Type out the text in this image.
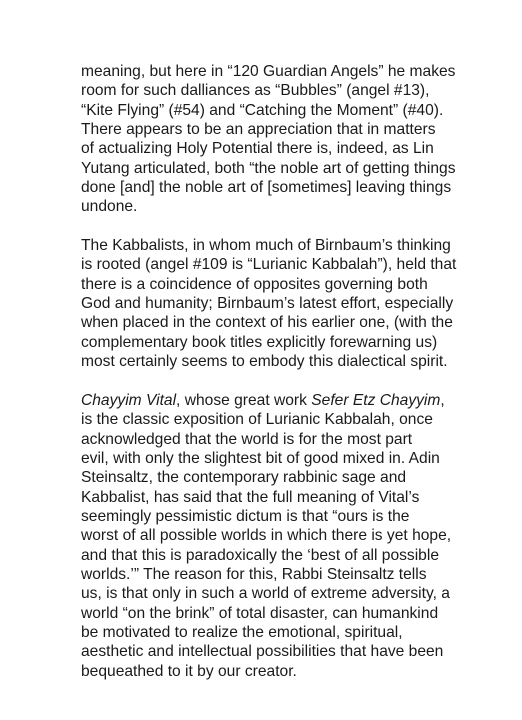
meaning, but here in “120 Guardian Angels” he makes
room for such dalliances as “Bubbles” (angel #13),
“Kite Flying” (#54) and “Catching the Moment” (#40).
There appears to be an appreciation that in matters
of actualizing Holy Potential there is, indeed, as Lin
Yutang articulated, both “the noble art of getting things
done [and] the noble art of [sometimes] leaving things
undone.

The Kabbalists, in whom much of Birnbaum’s thinking
is rooted (angel #109 is “Lurianic Kabbalah”), held that
there is a coincidence of opposites governing both
God and humanity; Birnbaum’s latest effort, especially
when placed in the context of his earlier one, (with the
complementary book titles explicitly forewarning us)
most certainly seems to embody this dialectical spirit.

Chayyim Vital, whose great work Sefer Etz Chayyim,
is the classic exposition of Lurianic Kabbalah, once
acknowledged that the world is for the most part
evil, with only the slightest bit of good mixed in. Adin
Steinsaltz, the contemporary rabbinic sage and
Kabbalist, has said that the full meaning of Vital’s
seemingly pessimistic dictum is that “ours is the
worst of all possible worlds in which there is yet hope,
and that this is paradoxically the ‘best of all possible
worlds.’” The reason for this, Rabbi Steinsaltz tells
us, is that only in such a world of extreme adversity, a
world “on the brink” of total disaster, can humankind
be motivated to realize the emotional, spiritual,
aesthetic and intellectual possibilities that have been
bequeathed to it by our creator.
